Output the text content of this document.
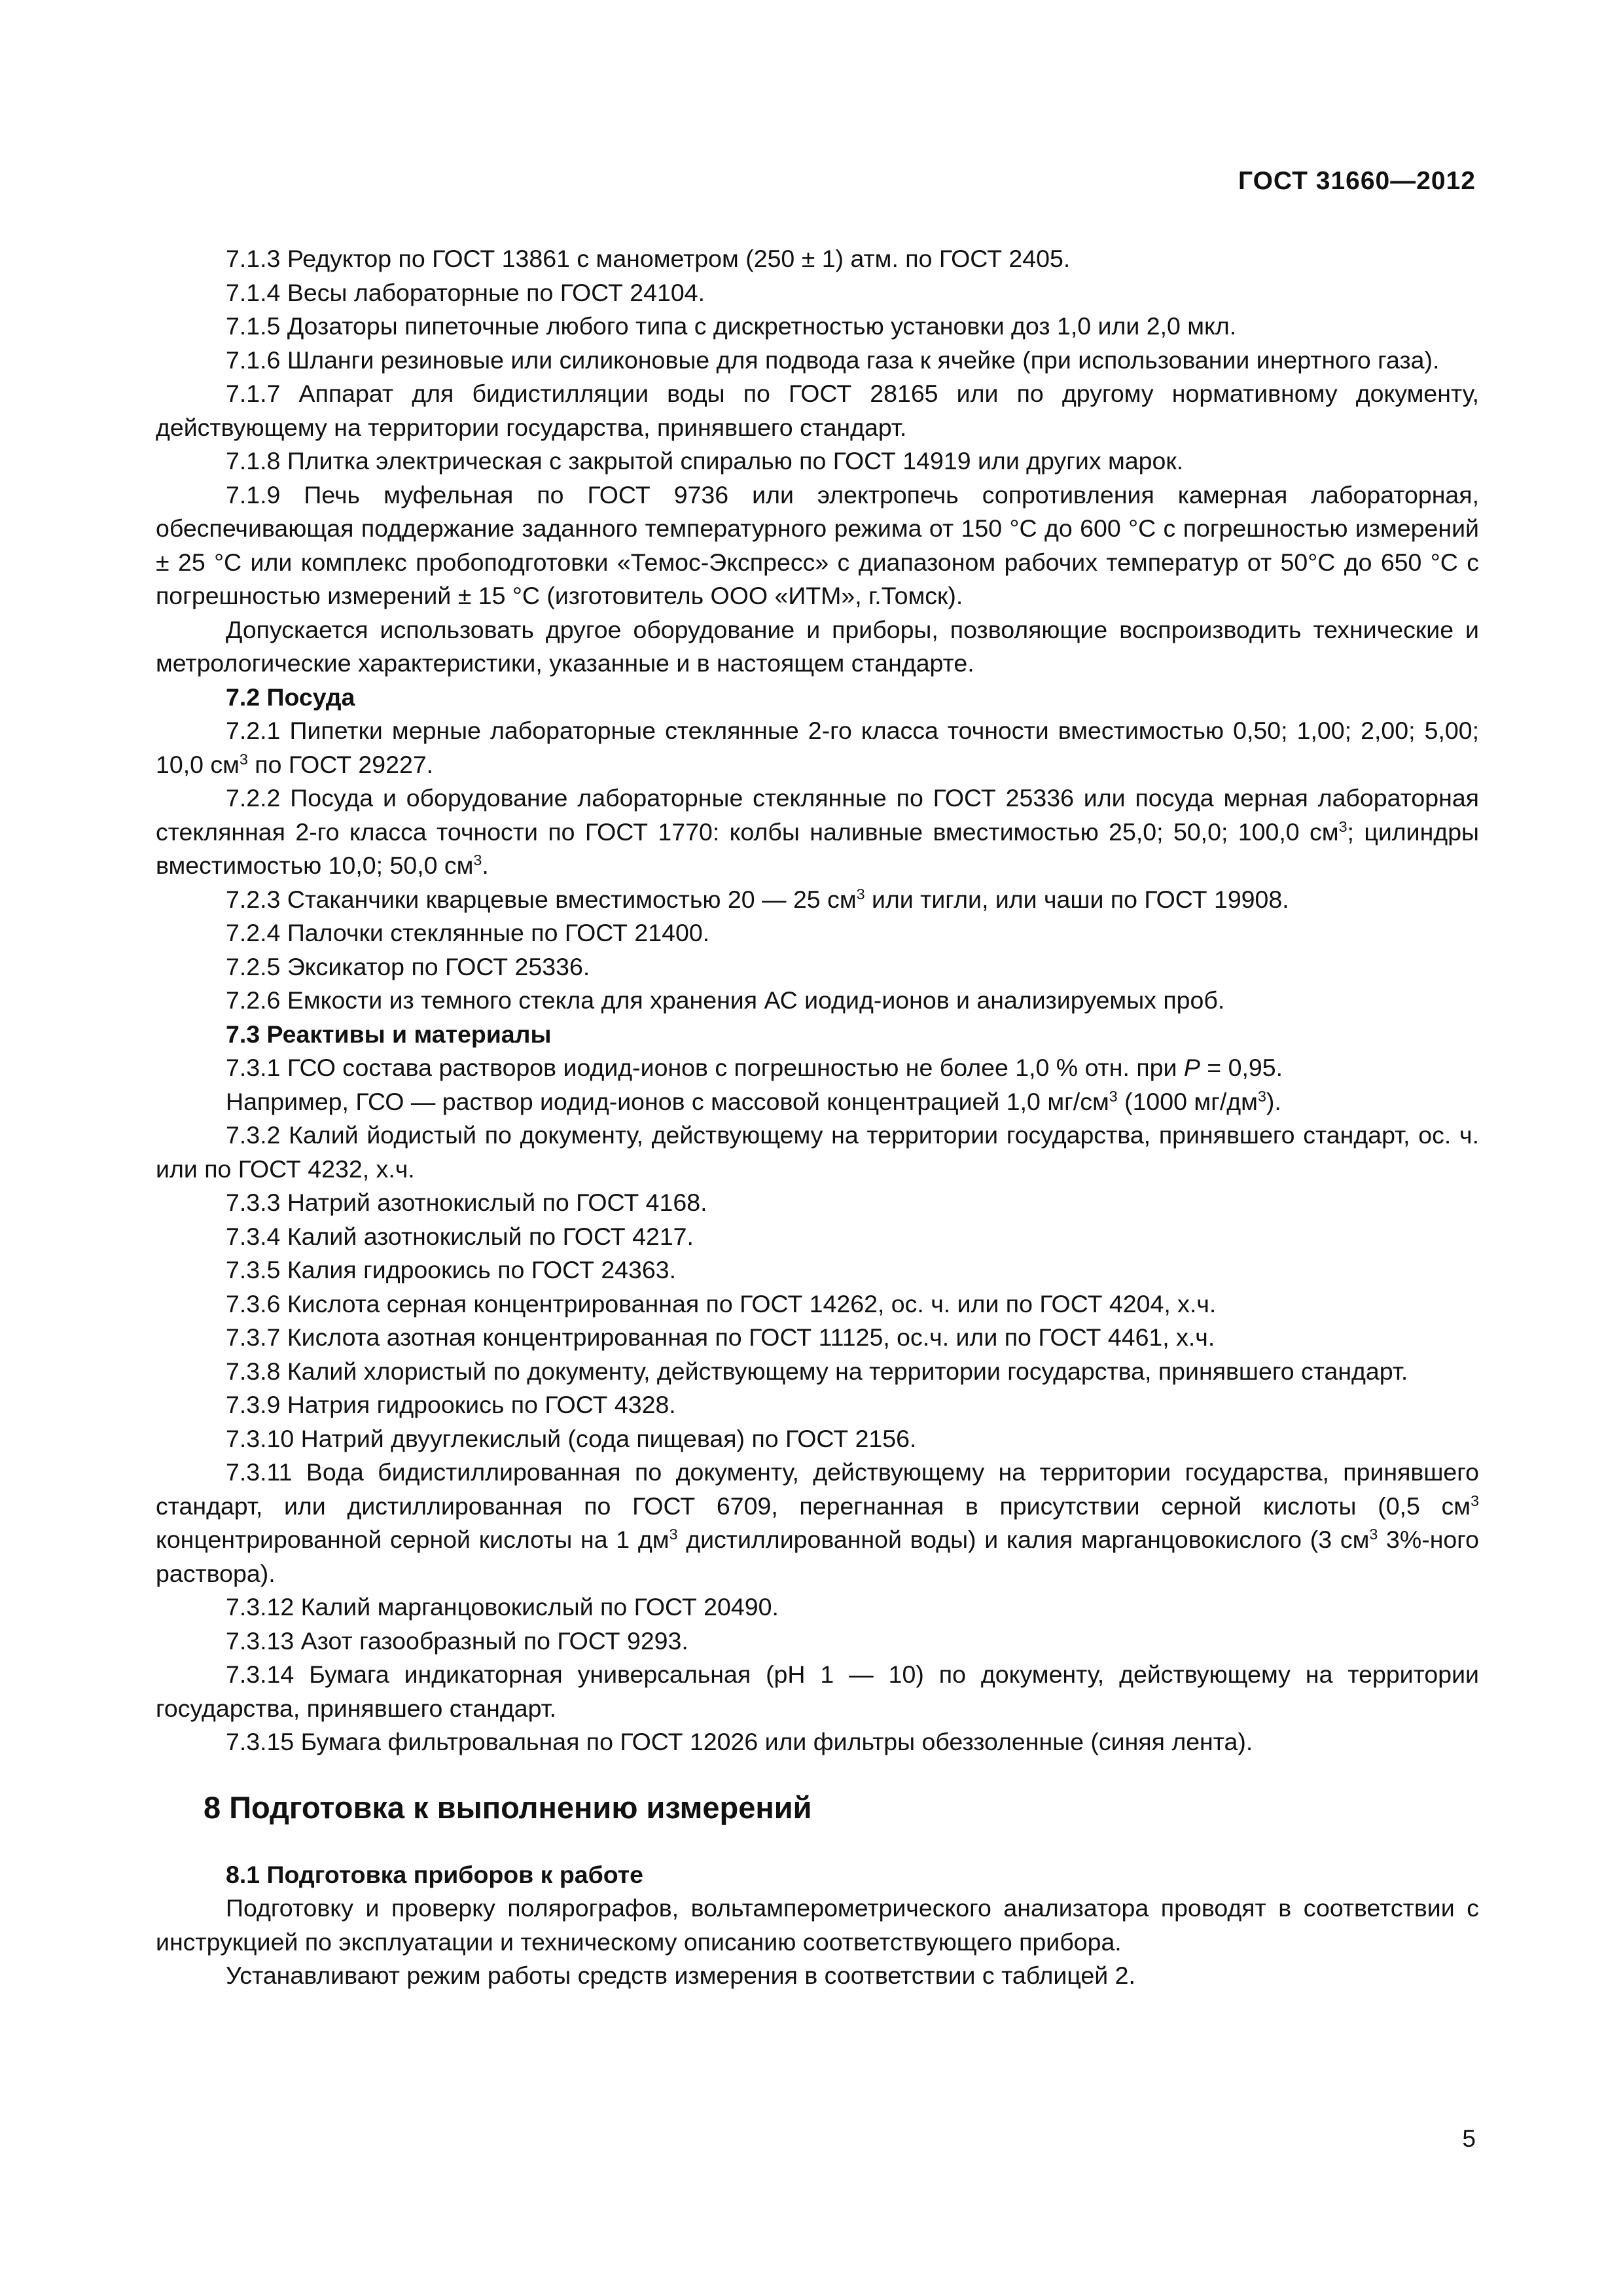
ГОСТ 31660—2012

7.1.3 Редуктор по ГОСТ 13861 с манометром (250 ± 1) атм. по ГОСТ 2405.

7.1.4 Весы лабораторные по ГОСТ 24104.

7.1.5 Дозаторы пипеточные любого типа с дискретностью установки доз 1,0 или 2,0 мкл.

7.1.6 Шланги резиновые или силиконовые для подвода газа к ячейке (при использовании инертного газа).

7.1.7 Аппарат для бидистилляции воды по ГОСТ 28165 или по другому нормативному документу, действующему на территории государства, принявшего стандарт.

7.1.8 Плитка электрическая с закрытой спиралью по ГОСТ 14919 или других марок.

7.1.9 Печь муфельная по ГОСТ 9736 или электропечь сопротивления камерная лабораторная, обеспечивающая поддержание заданного температурного режима от 150 °С до 600 °С с погрешностью измерений ± 25 °С или комплекс пробоподготовки «Темос-Экспресс» с диапазоном рабочих температур от 50°С до 650 °С с погрешностью измерений ± 15 °С (изготовитель ООО «ИТМ», г.Томск).

Допускается использовать другое оборудование и приборы, позволяющие воспроизводить технические и метрологические характеристики, указанные и в настоящем стандарте.

7.2 Посуда

7.2.1 Пипетки мерные лабораторные стеклянные 2-го класса точности вместимостью 0,50; 1,00; 2,00; 5,00; 10,0 $см^3$ по ГОСТ 29227.

7.2.2 Посуда и оборудование лабораторные стеклянные по ГОСТ 25336 или посуда мерная лабораторная стеклянная 2-го класса точности по ГОСТ 1770: колбы наливные вместимостью 25,0; 50,0; 100,0 $см^3$; цилиндры вместимостью 10,0; 50,0 $см^3$.

7.2.3 Стаканчики кварцевые вместимостью 20 — 25 $см^3$ или тигли, или чаши по ГОСТ 19908.

7.2.4 Палочки стеклянные по ГОСТ 21400.

7.2.5 Эксикатор по ГОСТ 25336.

7.2.6 Емкости из темного стекла для хранения АС иодид-ионов и анализируемых проб.

7.3 Реактивы и материалы

7.3.1 ГСО состава растворов иодид-ионов с погрешностью не более 1,0 % отн. при Р = 0,95.

Например, ГСО — раствор иодид-ионов с массовой концентрацией 1,0 $мг/см^3$ (1000 $мг/дм^3$).

7.3.2 Калий йодистый по документу, действующему на территории государства, принявшего стандарт, ос. ч. или по ГОСТ 4232, х.ч.

7.3.3 Натрий азотнокислый по ГОСТ 4168.

7.3.4 Калий азотнокислый по ГОСТ 4217.

7.3.5 Калия гидроокись по ГОСТ 24363.

7.3.6 Кислота серная концентрированная по ГОСТ 14262, ос. ч. или по ГОСТ 4204, х.ч.

7.3.7 Кислота азотная концентрированная по ГОСТ 11125, ос.ч. или по ГОСТ 4461, х.ч.

7.3.8 Калий хлористый по документу, действующему на территории государства, принявшего стандарт.

7.3.9 Натрия гидроокись по ГОСТ 4328.

7.3.10 Натрий двууглекислый (сода пищевая) по ГОСТ 2156.

7.3.11 Вода бидистиллированная по документу, действующему на территории государства, принявшего стандарт, или дистиллированная по ГОСТ 6709, перегнанная в присутствии серной кислоты (0,5 $см^3$ концентрированной серной кислоты на 1 $дм^3$ дистиллированной воды) и калия марганцовокислого (3 $см^3$ 3%-ного раствора).

7.3.12 Калий марганцовокислый по ГОСТ 20490.

7.3.13 Азот газообразный по ГОСТ 9293.

7.3.14 Бумага индикаторная универсальная (рН 1 — 10) по документу, действующему на территории государства, принявшего стандарт.

7.3.15 Бумага фильтровальная по ГОСТ 12026 или фильтры обеззоленные (синяя лента).

8 Подготовка к выполнению измерений

8.1 Подготовка приборов к работе

Подготовку и проверку полярографов, вольтамперометрического анализатора проводят в соответствии с инструкцией по эксплуатации и техническому описанию соответствующего прибора.

Устанавливают режим работы средств измерения в соответствии с таблицей 2.

5
